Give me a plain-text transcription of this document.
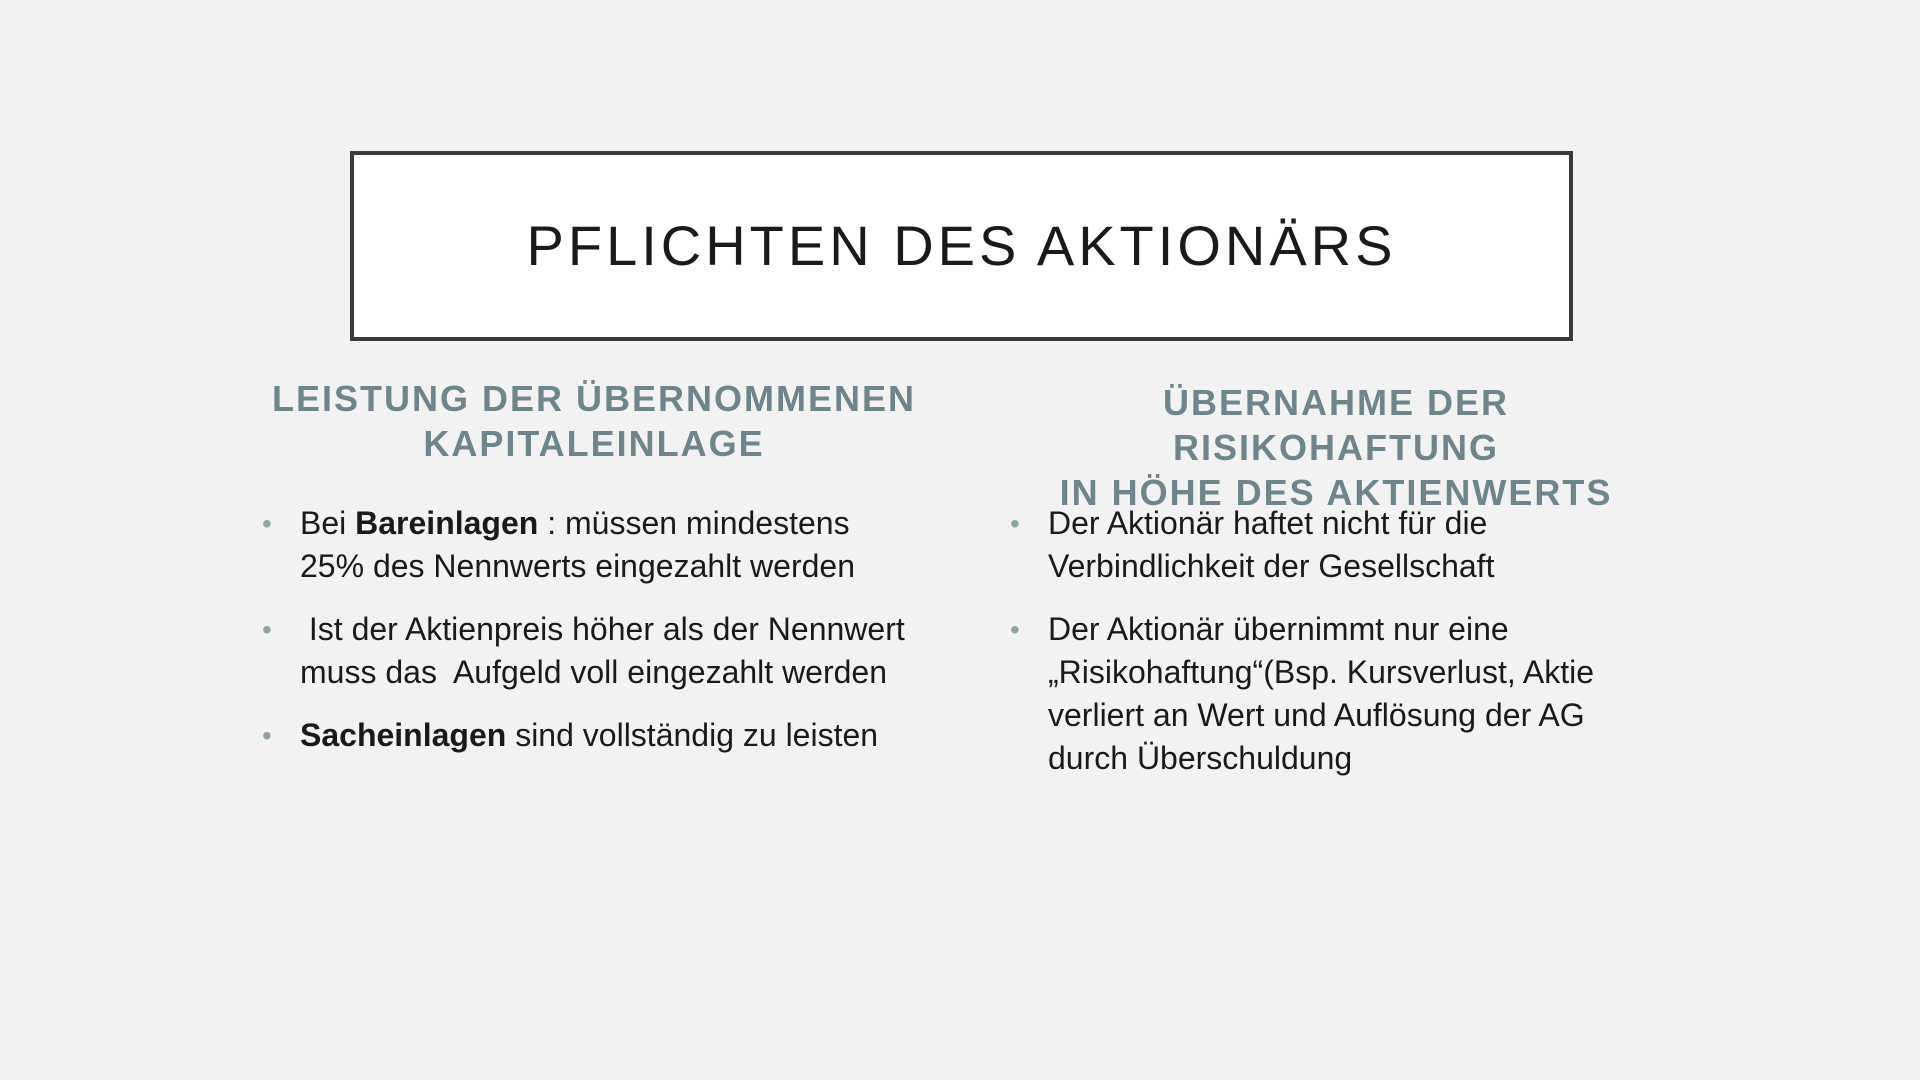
PFLICHTEN DES AKTIONÄRS
LEISTUNG DER ÜBERNOMMENEN
KAPITALEINLAGE
• Bei Bareinlagen : müssen mindestens 25% des Nennwerts eingezahlt werden
• Ist der Aktienpreis höher als der Nennwert muss das  Aufgeld voll eingezahlt werden
• Sacheinlagen sind vollständig zu leisten
ÜBERNAHME DER RISIKOHAFTUNG
IN HÖHE DES AKTIENWERTS
• Der Aktionär haftet nicht für die Verbindlichkeit der Gesellschaft
• Der Aktionär übernimmt nur eine „Risikohaftung“(Bsp. Kursverlust, Aktie verliert an Wert und Auflösung der AG durch Überschuldung
